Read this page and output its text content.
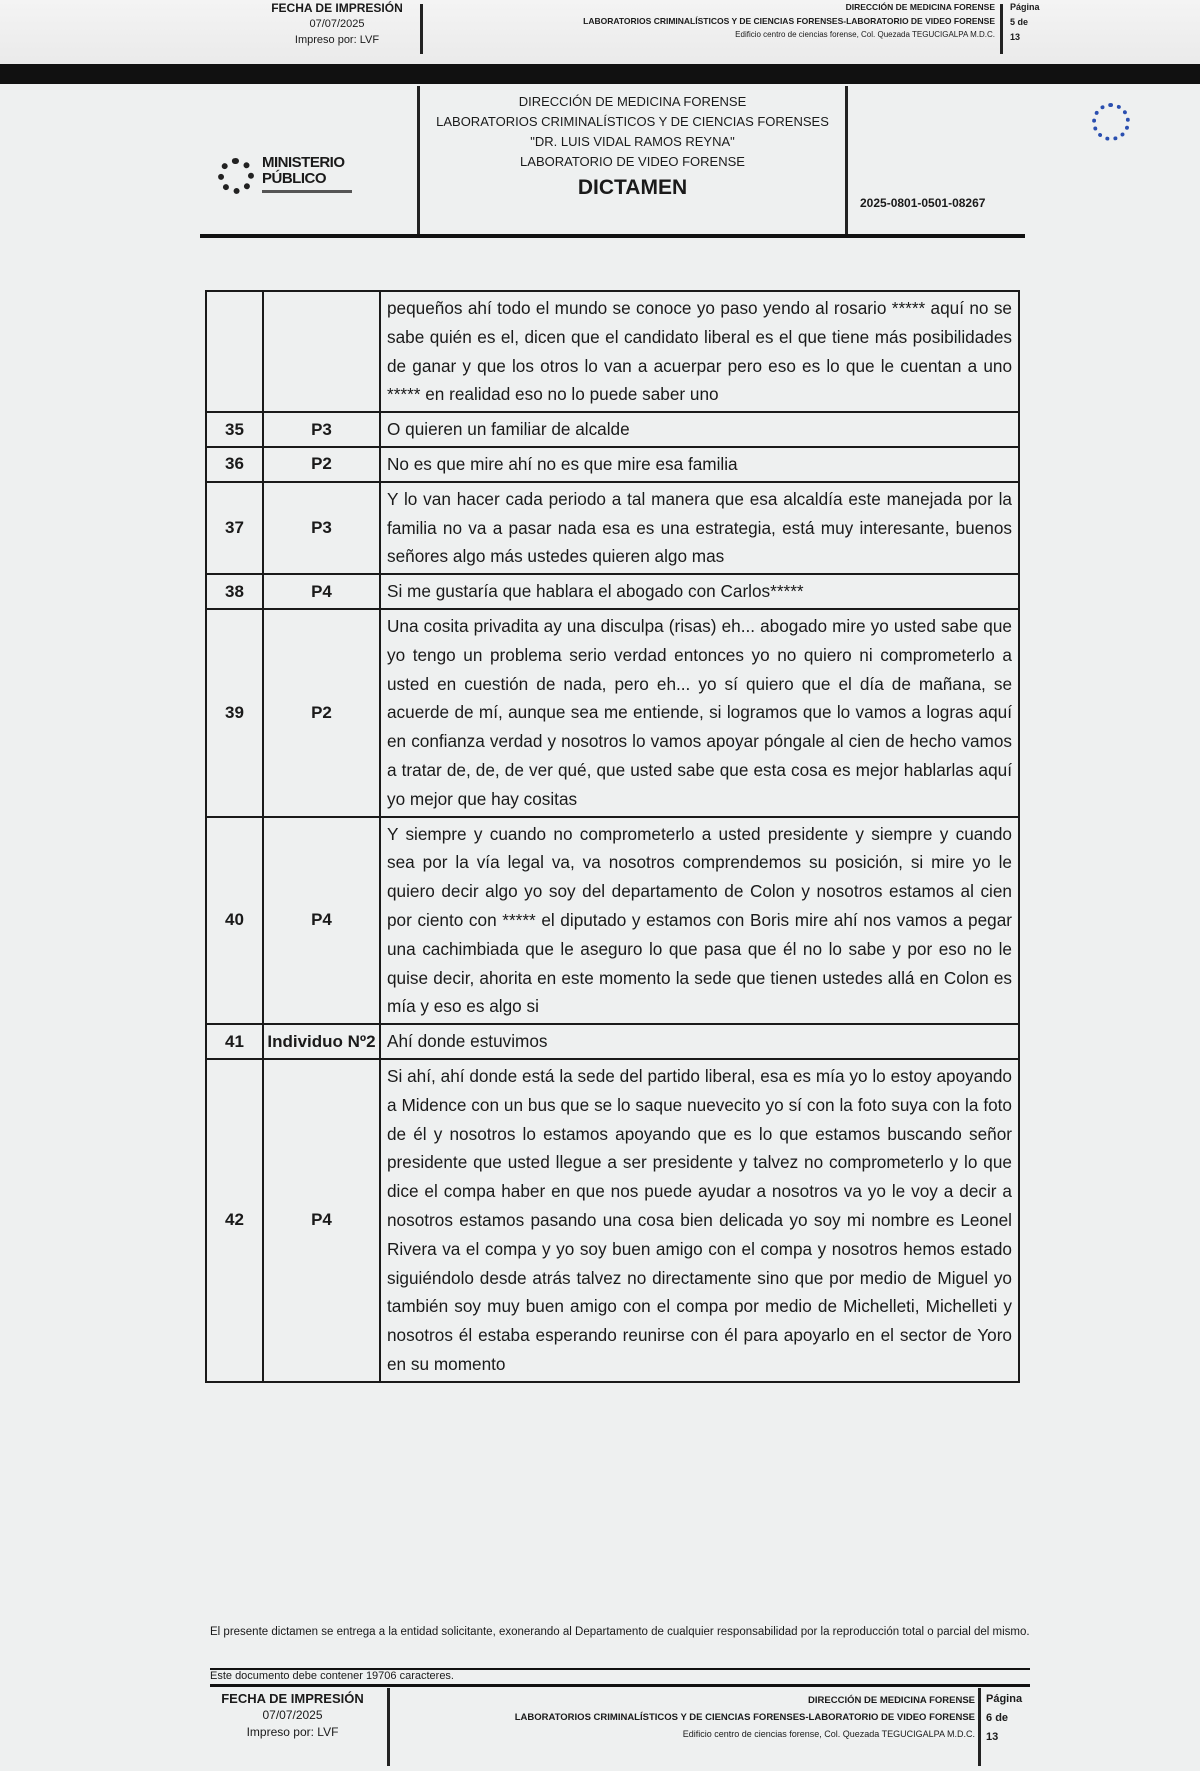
FECHA DE IMPRESIÓN
07/07/2025
Impreso por: LVF
DIRECCIÓN DE MEDICINA FORENSE
LABORATORIOS CRIMINALÍSTICOS Y DE CIENCIAS FORENSES-LABORATORIO DE VIDEO FORENSE
Edificio centro de ciencias forense, Col. Quezada TEGUCIGALPA M.D.C.
Página
5 de
13
MINISTERIO
PÚBLICO
DIRECCIÓN DE MEDICINA FORENSE
LABORATORIOS CRIMINALÍSTICOS Y DE CIENCIAS FORENSES
"DR. LUIS VIDAL RAMOS REYNA"
LABORATORIO DE VIDEO FORENSE
DICTAMEN
2025-0801-0501-08267
		pequeños ahí todo el mundo se conoce yo paso yendo al rosario ***** aquí no se sabe quién es el, dicen que el candidato liberal es el que tiene más posibilidades de ganar y que los otros lo van a acuerpar pero eso es lo que le cuentan a uno ***** en realidad eso no lo puede saber uno
35	P3	O quieren un familiar de alcalde
36	P2	No es que mire ahí no es que mire esa familia
37	P3	Y lo van hacer cada periodo a tal manera que esa alcaldía este manejada por la familia no va a pasar nada esa es una estrategia, está muy interesante, buenos señores algo más ustedes quieren algo mas
38	P4	Si me gustaría que hablara el abogado con Carlos*****
39	P2	Una cosita privadita ay una disculpa (risas) eh... abogado mire yo usted sabe que yo tengo un problema serio verdad entonces yo no quiero ni comprometerlo a usted en cuestión de nada, pero eh... yo sí quiero que el día de mañana, se acuerde de mí, aunque sea me entiende, si logramos que lo vamos a logras aquí en confianza verdad y nosotros lo vamos apoyar póngale al cien de hecho vamos a tratar de, de, de ver qué, que usted sabe que esta cosa es mejor hablarlas aquí yo mejor que hay cositas
40	P4	Y siempre y cuando no comprometerlo a usted presidente y siempre y cuando sea por la vía legal va, va nosotros comprendemos su posición, si mire yo le quiero decir algo yo soy del departamento de Colon y nosotros estamos al cien por ciento con ***** el diputado y estamos con Boris mire ahí nos vamos a pegar una cachimbiada que le aseguro lo que pasa que él no lo sabe y por eso no le quise decir, ahorita en este momento la sede que tienen ustedes allá en Colon es mía y eso es algo si
41	Individuo Nº2	Ahí donde estuvimos
42	P4	Si ahí, ahí donde está la sede del partido liberal, esa es mía yo lo estoy apoyando a Midence con un bus que se lo saque nuevecito yo sí con la foto suya con la foto de él y nosotros lo estamos apoyando que es lo que estamos buscando señor presidente que usted llegue a ser presidente y talvez no comprometerlo y lo que dice el compa haber en que nos puede ayudar a nosotros va yo le voy a decir a nosotros estamos pasando una cosa bien delicada yo soy mi nombre es Leonel Rivera va el compa y yo soy buen amigo con el compa y nosotros hemos estado siguiéndolo desde atrás talvez no directamente sino que por medio de Miguel yo también soy muy buen amigo con el compa por medio de Michelleti, Michelleti y nosotros él estaba esperando reunirse con él para apoyarlo en el sector de Yoro en su momento
El presente dictamen se entrega a la entidad solicitante, exonerando al Departamento de cualquier responsabilidad por la reproducción total o parcial del mismo.
Este documento debe contener 19706 caracteres.
FECHA DE IMPRESIÓN
07/07/2025
Impreso por: LVF
DIRECCIÓN DE MEDICINA FORENSE
LABORATORIOS CRIMINALÍSTICOS Y DE CIENCIAS FORENSES-LABORATORIO DE VIDEO FORENSE
Edificio centro de ciencias forense, Col. Quezada TEGUCIGALPA M.D.C.
Página
6 de
13
